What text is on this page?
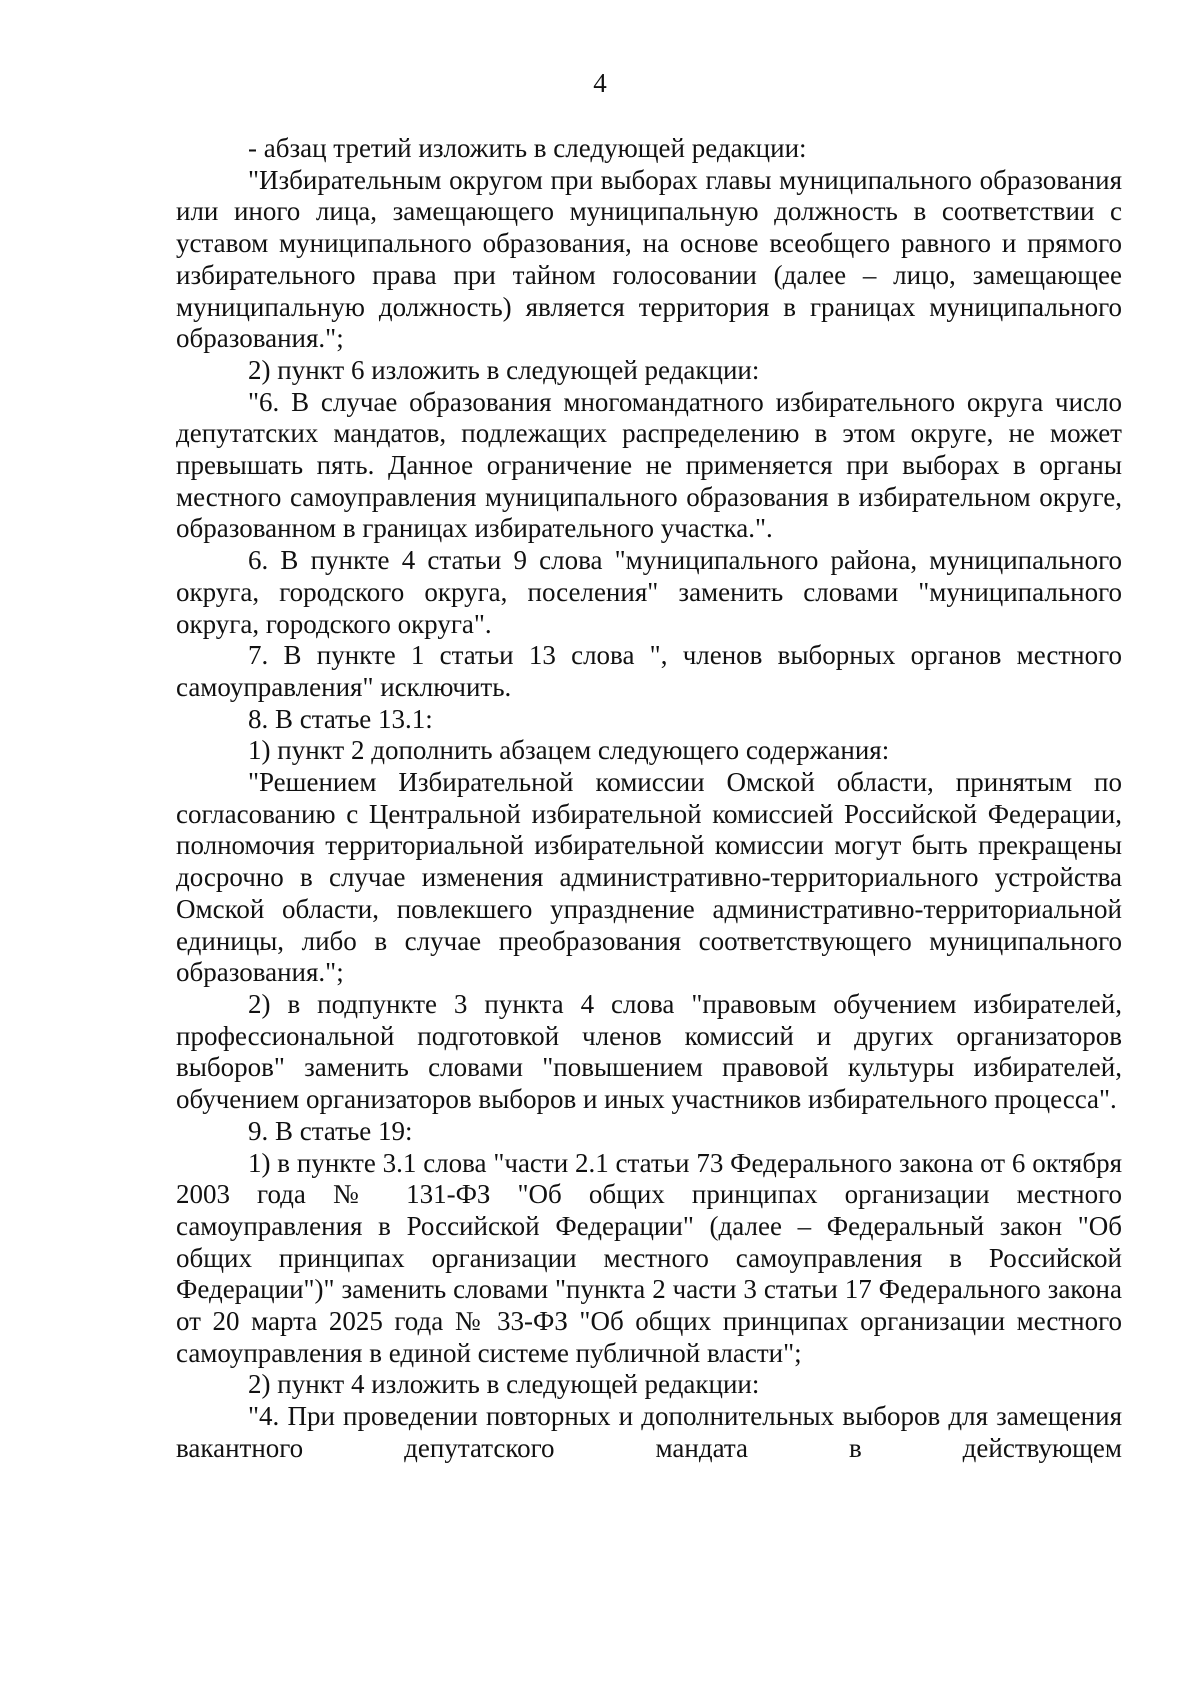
4

- абзац третий изложить в следующей редакции:

"Избирательным округом при выборах главы муниципального образования или иного лица, замещающего муниципальную должность в соответствии с уставом муниципального образования, на основе всеобщего равного и прямого избирательного права при тайном голосовании (далее – лицо, замещающее муниципальную должность) является территория в границах муниципального образования.";

2) пункт 6 изложить в следующей редакции:

"6. В случае образования многомандатного избирательного округа число депутатских мандатов, подлежащих распределению в этом округе, не может превышать пять. Данное ограничение не применяется при выборах в органы местного самоуправления муниципального образования в избирательном округе, образованном в границах избирательного участка.".

6. В пункте 4 статьи 9 слова "муниципального района, муниципального округа, городского округа, поселения" заменить словами "муниципального округа, городского округа".

7. В пункте 1 статьи 13 слова ", членов выборных органов местного самоуправления" исключить.

8. В статье 13.1:

1) пункт 2 дополнить абзацем следующего содержания:

"Решением Избирательной комиссии Омской области, принятым по согласованию с Центральной избирательной комиссией Российской Федерации, полномочия территориальной избирательной комиссии могут быть прекращены досрочно в случае изменения административно-территориального устройства Омской области, повлекшего упразднение административно-территориальной единицы, либо в случае преобразования соответствующего муниципального образования.";

2) в подпункте 3 пункта 4 слова "правовым обучением избирателей, профессиональной подготовкой членов комиссий и других организаторов выборов" заменить словами "повышением правовой культуры избирателей, обучением организаторов выборов и иных участников избирательного процесса".

9. В статье 19:

1) в пункте 3.1 слова "части 2.1 статьи 73 Федерального закона от 6 октября 2003 года № 131-ФЗ "Об общих принципах организации местного самоуправления в Российской Федерации" (далее – Федеральный закон "Об общих принципах организации местного самоуправления в Российской Федерации")" заменить словами "пункта 2 части 3 статьи 17 Федерального закона от 20 марта 2025 года № 33-ФЗ "Об общих принципах организации местного самоуправления в единой системе публичной власти";

2) пункт 4 изложить в следующей редакции:

"4. При проведении повторных и дополнительных выборов для замещения вакантного депутатского мандата в действующем
